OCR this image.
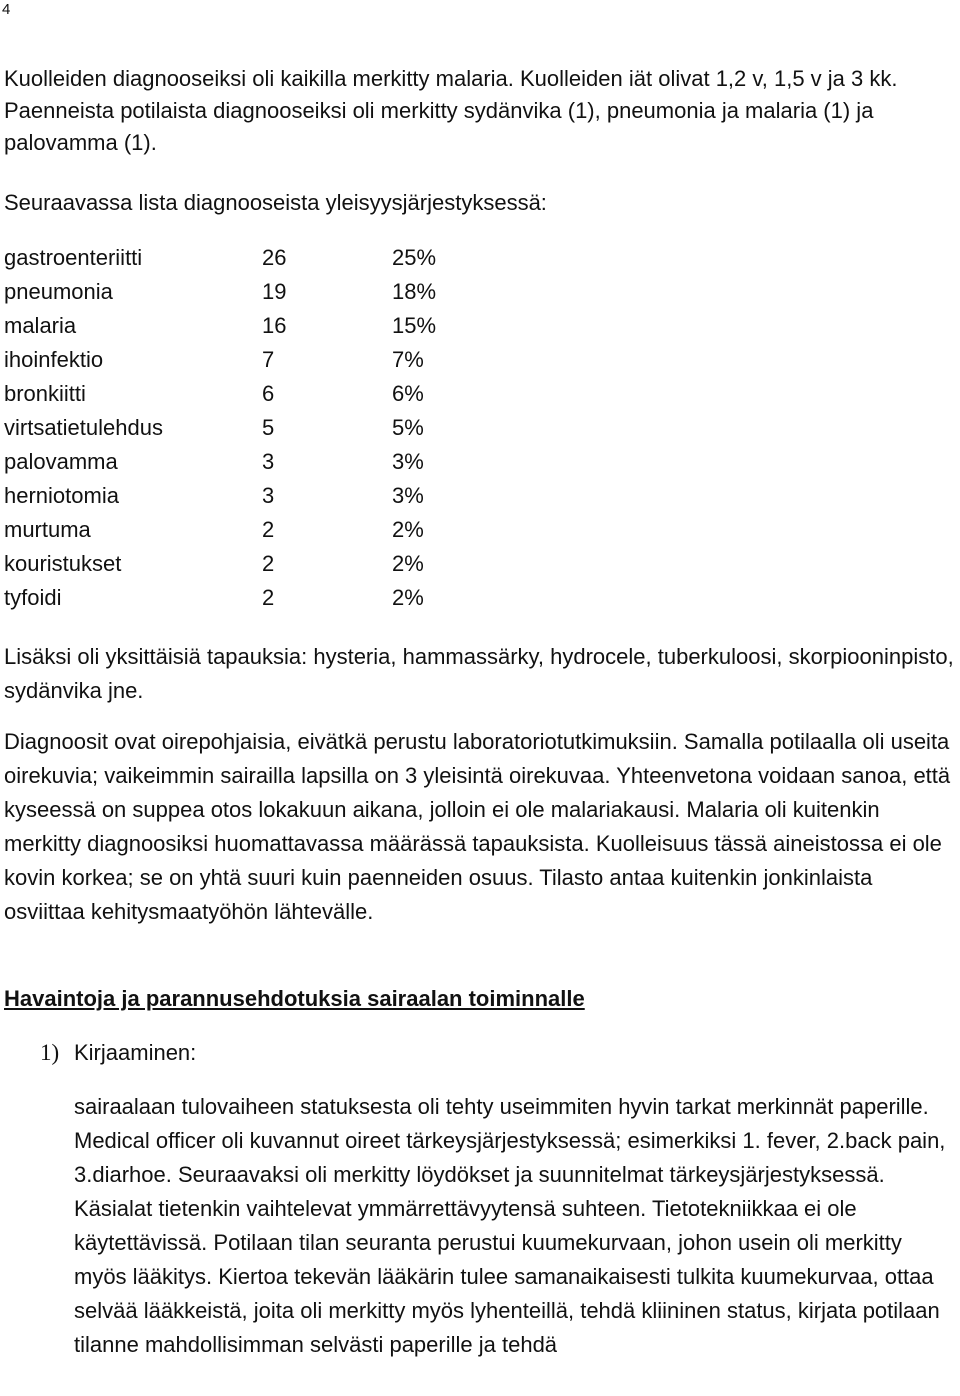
4

Kuolleiden diagnooseiksi oli kaikilla merkitty malaria. Kuolleiden iät olivat 1,2 v, 1,5 v ja 3 kk. Paenneista potilaista diagnooseiksi oli merkitty sydänvika (1), pneumonia ja malaria (1) ja palovamma (1).

Seuraavassa lista diagnooseista yleisyysjärjestyksessä:

gastroenteriitti	26	25%
pneumonia	19	18%
malaria	16	15%
ihoinfektio	7	7%
bronkiitti	6	6%
virtsatietulehdus	5	5%
palovamma	3	3%
herniotomia	3	3%
murtuma	2	2%
kouristukset	2	2%
tyfoidi	2	2%

Lisäksi oli yksittäisiä tapauksia: hysteria, hammassärky, hydrocele, tuberkuloosi, skorpiooninpisto, sydänvika jne.

Diagnoosit ovat oirepohjaisia, eivätkä perustu laboratoriotutkimuksiin. Samalla potilaalla oli useita oirekuvia; vaikeimmin sairailla lapsilla on 3 yleisintä oirekuvaa. Yhteenvetona voidaan sanoa, että kyseessä on suppea otos lokakuun aikana, jolloin ei ole malariakausi. Malaria oli kuitenkin merkitty diagnoosiksi huomattavassa määrässä tapauksista. Kuolleisuus tässä aineistossa ei ole kovin korkea; se on yhtä suuri kuin paenneiden osuus. Tilasto antaa kuitenkin jonkinlaista osviittaa kehitysmaatyöhön lähtevälle.

Havaintoja ja parannusehdotuksia sairaalan toiminnalle
1) Kirjaaminen:

sairaalaan tulovaiheen statuksesta oli tehty useimmiten hyvin tarkat merkinnät paperille. Medical officer oli kuvannut oireet tärkeysjärjestyksessä; esimerkiksi 1. fever, 2.back pain, 3.diarhoe. Seuraavaksi oli merkitty löydökset ja suunnitelmat tärkeysjärjestyksessä. Käsialat tietenkin vaihtelevat ymmärrettävyytensä suhteen. Tietotekniikkaa ei ole käytettävissä. Potilaan tilan seuranta perustui kuumekurvaan, johon usein oli merkitty myös lääkitys. Kiertoa tekevän lääkärin tulee samanaikaisesti tulkita kuumekurvaa, ottaa selvää lääkkeistä, joita oli merkitty myös lyhenteillä, tehdä kliininen status, kirjata potilaan tilanne mahdollisimman selvästi paperille ja tehdä
